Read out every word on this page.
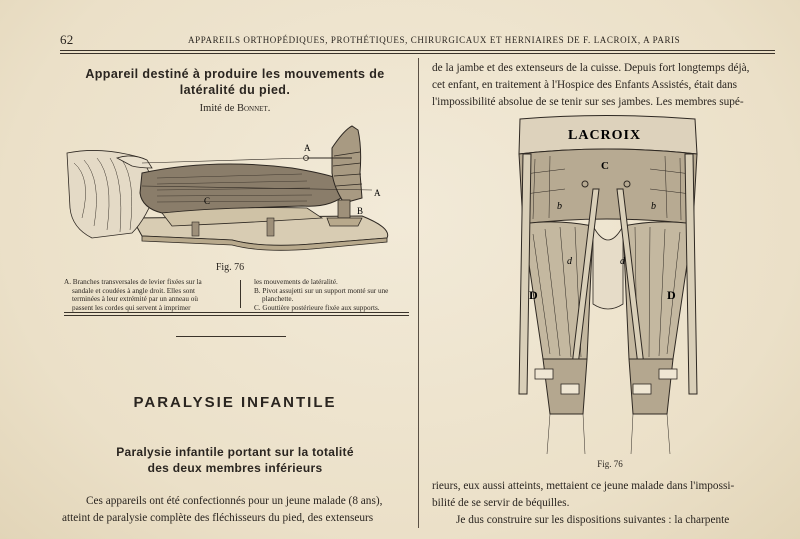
62	APPAREILS ORTHOPÉDIQUES, PROTHÉTIQUES, CHIRURGICAUX ET HERNIAIRES DE F. LACROIX, A PARIS
Appareil destiné à produire les mouvements de
latéralité du pied.
Imité de Bonnet.
A
A
B
C
Fig. 76
A. Branches transversales de levier fixées sur la
sandale et coudées à angle droit. Elles sont
terminées à leur extrémité par un anneau où
passent les cordes qui servent à imprimer
les mouvements de latéralité.
B. Pivot assujetti sur un support monté sur une
planchette.
C. Gouttière postérieure fixée aux supports.
PARALYSIE INFANTILE
Paralysie infantile portant sur la totalité
des deux membres inférieurs

Ces appareils ont été confectionnés pour un jeune malade (8 ans),

atteint de paralysie complète des fléchisseurs du pied, des extenseurs

de la jambe et des extenseurs de la cuisse. Depuis fort longtemps déjà,

cet enfant, en traitement à l'Hospice des Enfants Assistés, était dans

l'impossibilité absolue de se tenir sur ses jambes. Les membres supé-

LACROIX
C
b	b
d	d
D	D
Fig. 76

rieurs, eux aussi atteints, mettaient ce jeune malade dans l'impossi-

bilité de se servir de béquilles.

Je dus construire sur les dispositions suivantes : la charpente
